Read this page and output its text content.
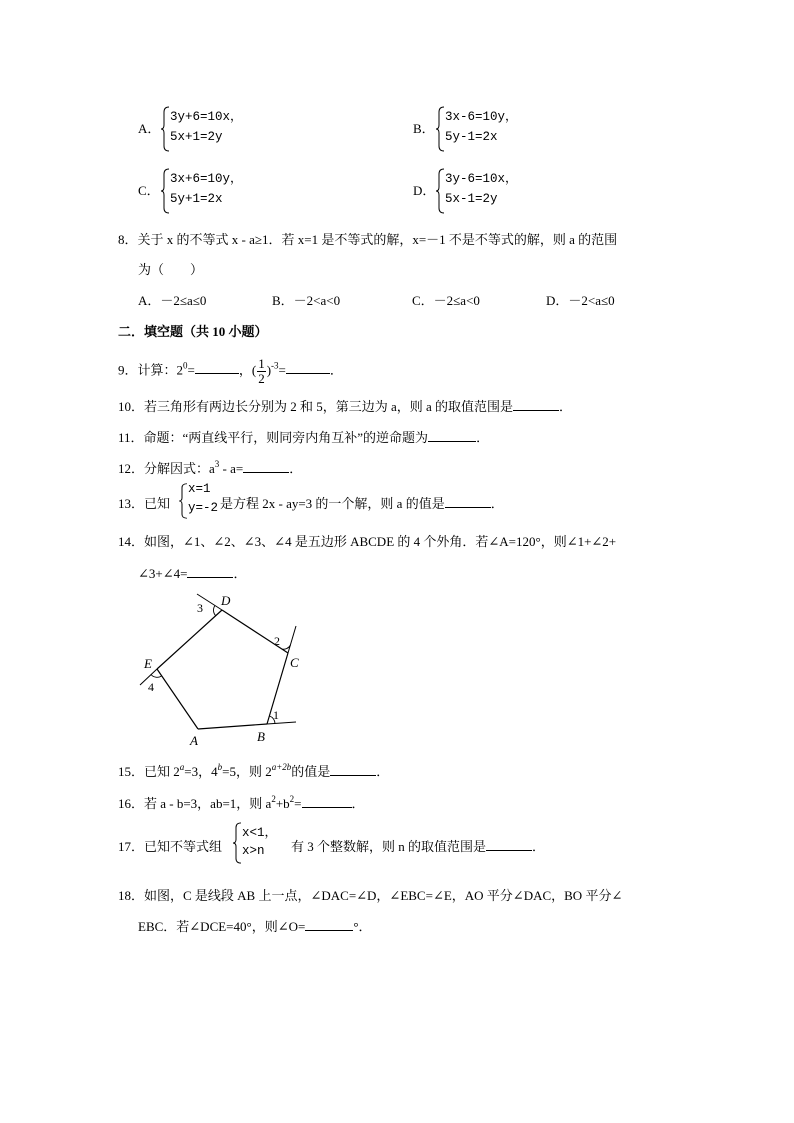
A．
3y+6=10x，
5x+1=2y
B．
3x-6=10y，
5y-1=2x
C．
3x+6=10y，
5y+1=2x
D．
3y-6=10x，
5x-1=2y
8．关于 x 的不等式 x - a≥1．若 x=1 是不等式的解，x=－1 不是不等式的解，则 a 的范围
为（　　）
A．－2≤a≤0	B．－2<a<0	C．－2≤a<0	D．－2<a≤0
二．填空题（共 10 小题）
9．计算：$2^0=$	，( $\frac{1}{2} )^{-3}=$	．
10．若三角形有两边长分别为 2 和 5，第三边为 a，则 a 的取值范围是	．
11．命题：“两直线平行，则同旁内角互补”的逆命题为	．
12．分解因式：$a^3 - a=$	．
13．已知
x=1
y=-2 是方程 2x - ay=3 的一个解，则 a 的值是	．
14．如图，∠1、∠2、∠3、∠4 是五边形 ABCDE 的 4 个外角．若∠A=120°，则∠1+∠2+
∠3+∠4=	．
A	B
C
D
E
1
2
3
4
15．已知 $2^a=3$，$4^b=5$，则 $2^{a+2b}$的值是	．
16．若 a - b=3，ab=1，则 $a^2+b^2=$	．
17．已知不等式组
x<1，
x>n 有 3 个整数解，则 n 的取值范围是	．
18．如图，C 是线段 AB 上一点，∠DAC=∠D，∠EBC=∠E，AO 平分∠DAC，BO 平分∠
EBC．若∠DCE=40°，则∠O=	°．
